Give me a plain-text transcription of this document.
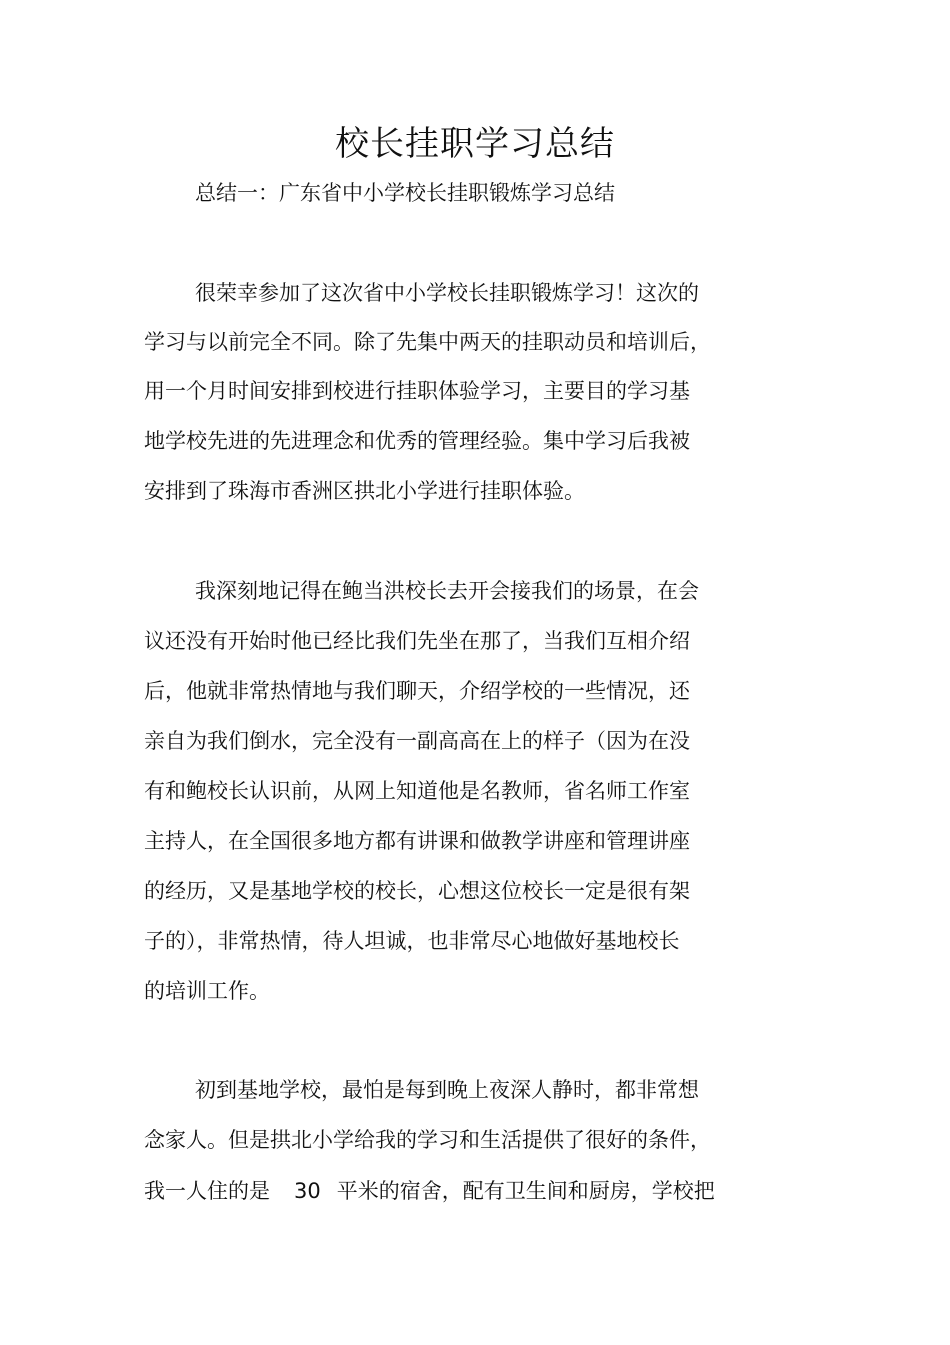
校长挂职学习总结
总结一：广东省中小学校长挂职锻炼学习总结
很荣幸参加了这次省中小学校长挂职锻炼学习！这次的
学习与以前完全不同。除了先集中两天的挂职动员和培训后，
用一个月时间安排到校进行挂职体验学习，主要目的学习基
地学校先进的先进理念和优秀的管理经验。集中学习后我被
安排到了珠海市香洲区拱北小学进行挂职体验。
我深刻地记得在鲍当洪校长去开会接我们的场景，在会
议还没有开始时他已经比我们先坐在那了，当我们互相介绍
后，他就非常热情地与我们聊天，介绍学校的一些情况，还
亲自为我们倒水，完全没有一副高高在上的样子（因为在没
有和鲍校长认识前，从网上知道他是名教师，省名师工作室
主持人，在全国很多地方都有讲课和做教学讲座和管理讲座
的经历，又是基地学校的校长，心想这位校长一定是很有架
子的），非常热情，待人坦诚，也非常尽心地做好基地校长
的培训工作。
初到基地学校，最怕是每到晚上夜深人静时，都非常想
念家人。但是拱北小学给我的学习和生活提供了很好的条件，
我一人住的是 30 平米的宿舍，配有卫生间和厨房，学校把
